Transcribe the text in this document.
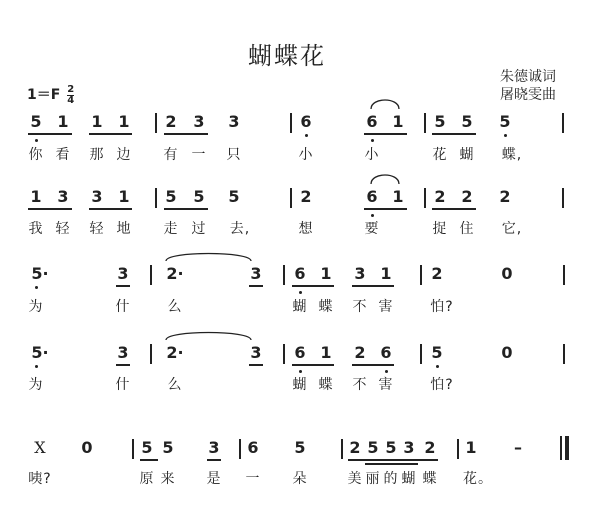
蝴蝶花
朱德诚词
屠晓雯曲
$1=F \frac{2}{4}$
5 1 1 1 2 3 3	6	6 1 5 5 5
你 看 那 边 有 一 只	小	小	花 蝴 蝶,
1 3 3 1 5 5 5	2	6 1 2 2 2
我 轻 轻 地 走 过 去,	想	要	捉 住 它,
5·	3 2·	3 6 1 3 1 2	0
为	什	么	蝴 蝶 不 害	怕?
5·	3 2·	3 6 1 2 6 5	0
为	什	么	蝴 蝶 不 害	怕?
X 0	5 5 3 6 5	2 5 5 3 2 1 –
咦?	原 来 是 一 朵	美 丽 的 蝴 蝶 花。
